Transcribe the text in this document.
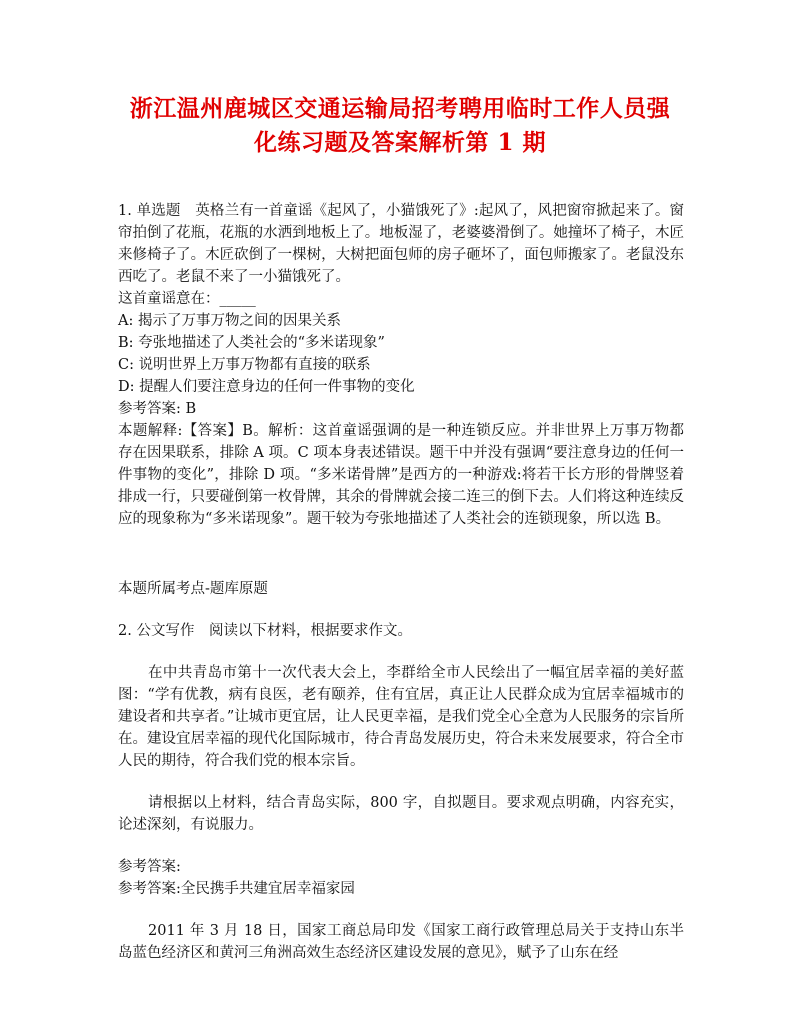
浙江温州鹿城区交通运输局招考聘用临时工作人员强
化练习题及答案解析第 1 期

1. 单选题　英格兰有一首童谣《起风了，小猫饿死了》:起风了，风把窗帘掀起来了。窗帘拍倒了花瓶，花瓶的水洒到地板上了。地板湿了，老婆婆滑倒了。她撞坏了椅子，木匠来修椅子了。木匠砍倒了一棵树，大树把面包师的房子砸坏了，面包师搬家了。老鼠没东西吃了。老鼠不来了一小猫饿死了。

这首童谣意在：_____

A: 揭示了万事万物之间的因果关系

B: 夸张地描述了人类社会的“多米诺现象”

C: 说明世界上万事万物都有直接的联系

D: 提醒人们要注意身边的任何一件事物的变化

参考答案: B

本题解释:【答案】B。解析：这首童谣强调的是一种连锁反应。并非世界上万事万物都存在因果联系，排除 A 项。C 项本身表述错误。题干中并没有强调“要注意身边的任何一件事物的变化”，排除 D 项。“多米诺骨牌”是西方的一种游戏:将若干长方形的骨牌竖着排成一行，只要碰倒第一枚骨牌，其余的骨牌就会接二连三的倒下去。人们将这种连续反应的现象称为“多米诺现象”。题干较为夸张地描述了人类社会的连锁现象，所以选 B。

本题所属考点-题库原题

2. 公文写作　阅读以下材料，根据要求作文。

在中共青岛市第十一次代表大会上，李群给全市人民绘出了一幅宜居幸福的美好蓝图：“学有优教，病有良医，老有颐养，住有宜居，真正让人民群众成为宜居幸福城市的建设者和共享者。”让城市更宜居，让人民更幸福，是我们党全心全意为人民服务的宗旨所在。建设宜居幸福的现代化国际城市，待合青岛发展历史，符合未来发展要求，符合全市人民的期待，符合我们党的根本宗旨。

请根据以上材料，结合青岛实际，800 字，自拟题目。要求观点明确，内容充实，论述深刻，有说服力。

参考答案:

参考答案:全民携手共建宜居幸福家园

2011 年 3 月 18 日，国家工商总局印发《国家工商行政管理总局关于支持山东半岛蓝色经济区和黄河三角洲高效生态经济区建设发展的意见》，赋予了山东在经
